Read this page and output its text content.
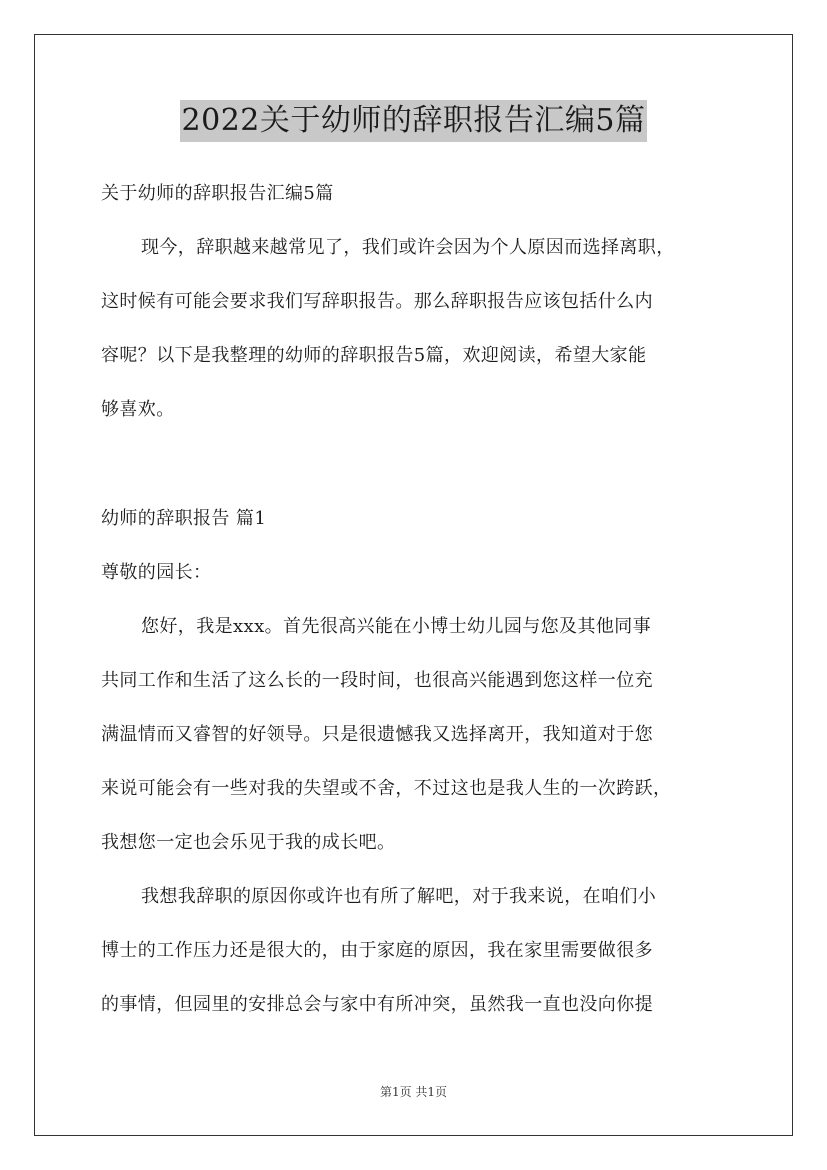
2022关于幼师的辞职报告汇编5篇
关于幼师的辞职报告汇编5篇
现今，辞职越来越常见了，我们或许会因为个人原因而选择离职，
这时候有可能会要求我们写辞职报告。那么辞职报告应该包括什么内
容呢？以下是我整理的幼师的辞职报告5篇，欢迎阅读，希望大家能
够喜欢。
幼师的辞职报告 篇1
尊敬的园长：
您好，我是xxx。首先很高兴能在小博士幼儿园与您及其他同事
共同工作和生活了这么长的一段时间，也很高兴能遇到您这样一位充
满温情而又睿智的好领导。只是很遗憾我又选择离开，我知道对于您
来说可能会有一些对我的失望或不舍，不过这也是我人生的一次跨跃，
我想您一定也会乐见于我的成长吧。
我想我辞职的原因你或许也有所了解吧，对于我来说，在咱们小
博士的工作压力还是很大的，由于家庭的原因，我在家里需要做很多
的事情，但园里的安排总会与家中有所冲突，虽然我一直也没向你提
第1页 共1页
